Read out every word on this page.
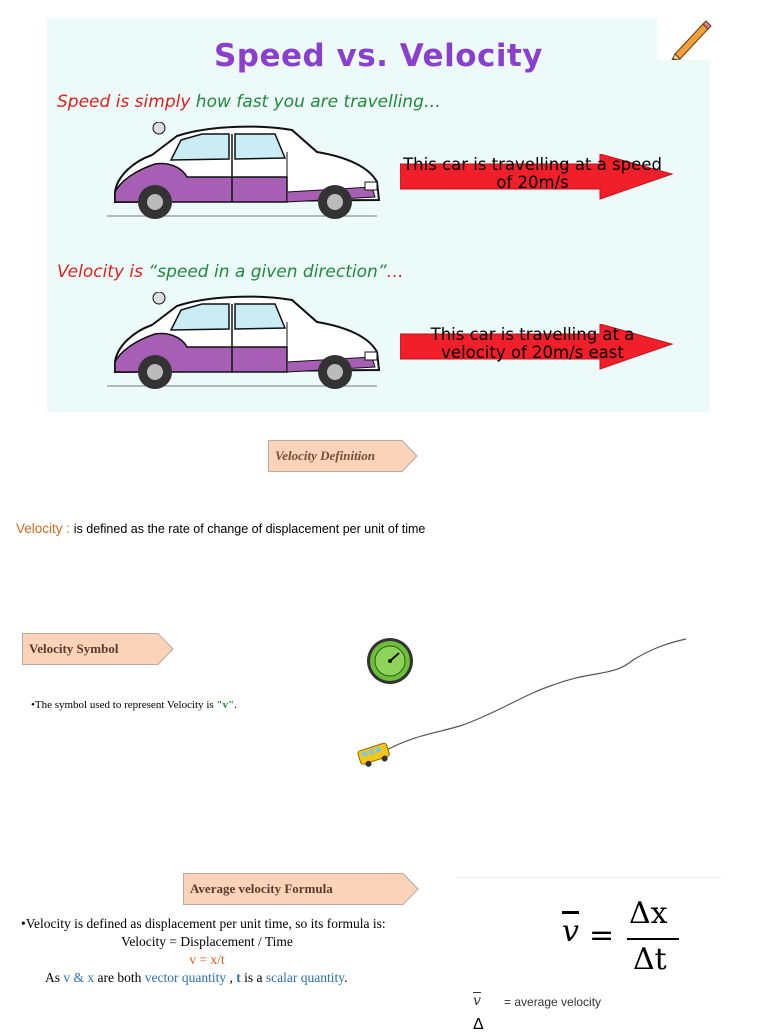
Speed vs. Velocity
Speed is simply how fast you are travelling…
This car is travelling at a speed of 20m/s
Velocity is “speed in a given direction”…
This car is travelling at a velocity of 20m/s east
Velocity Definition
Velocity : is defined as the rate of change of displacement per unit of time
Velocity Symbol
•The symbol used to represent Velocity is "v".
Average velocity Formula
•Velocity is defined as displacement per unit time, so its formula is:
Velocity = Displacement / Time
v = x/t
As v & x are both vector quantity , t is a scalar quantity.
$\overline{v}$ =
Δx
Δt
$\overline{v}$ = average velocity
Δ
